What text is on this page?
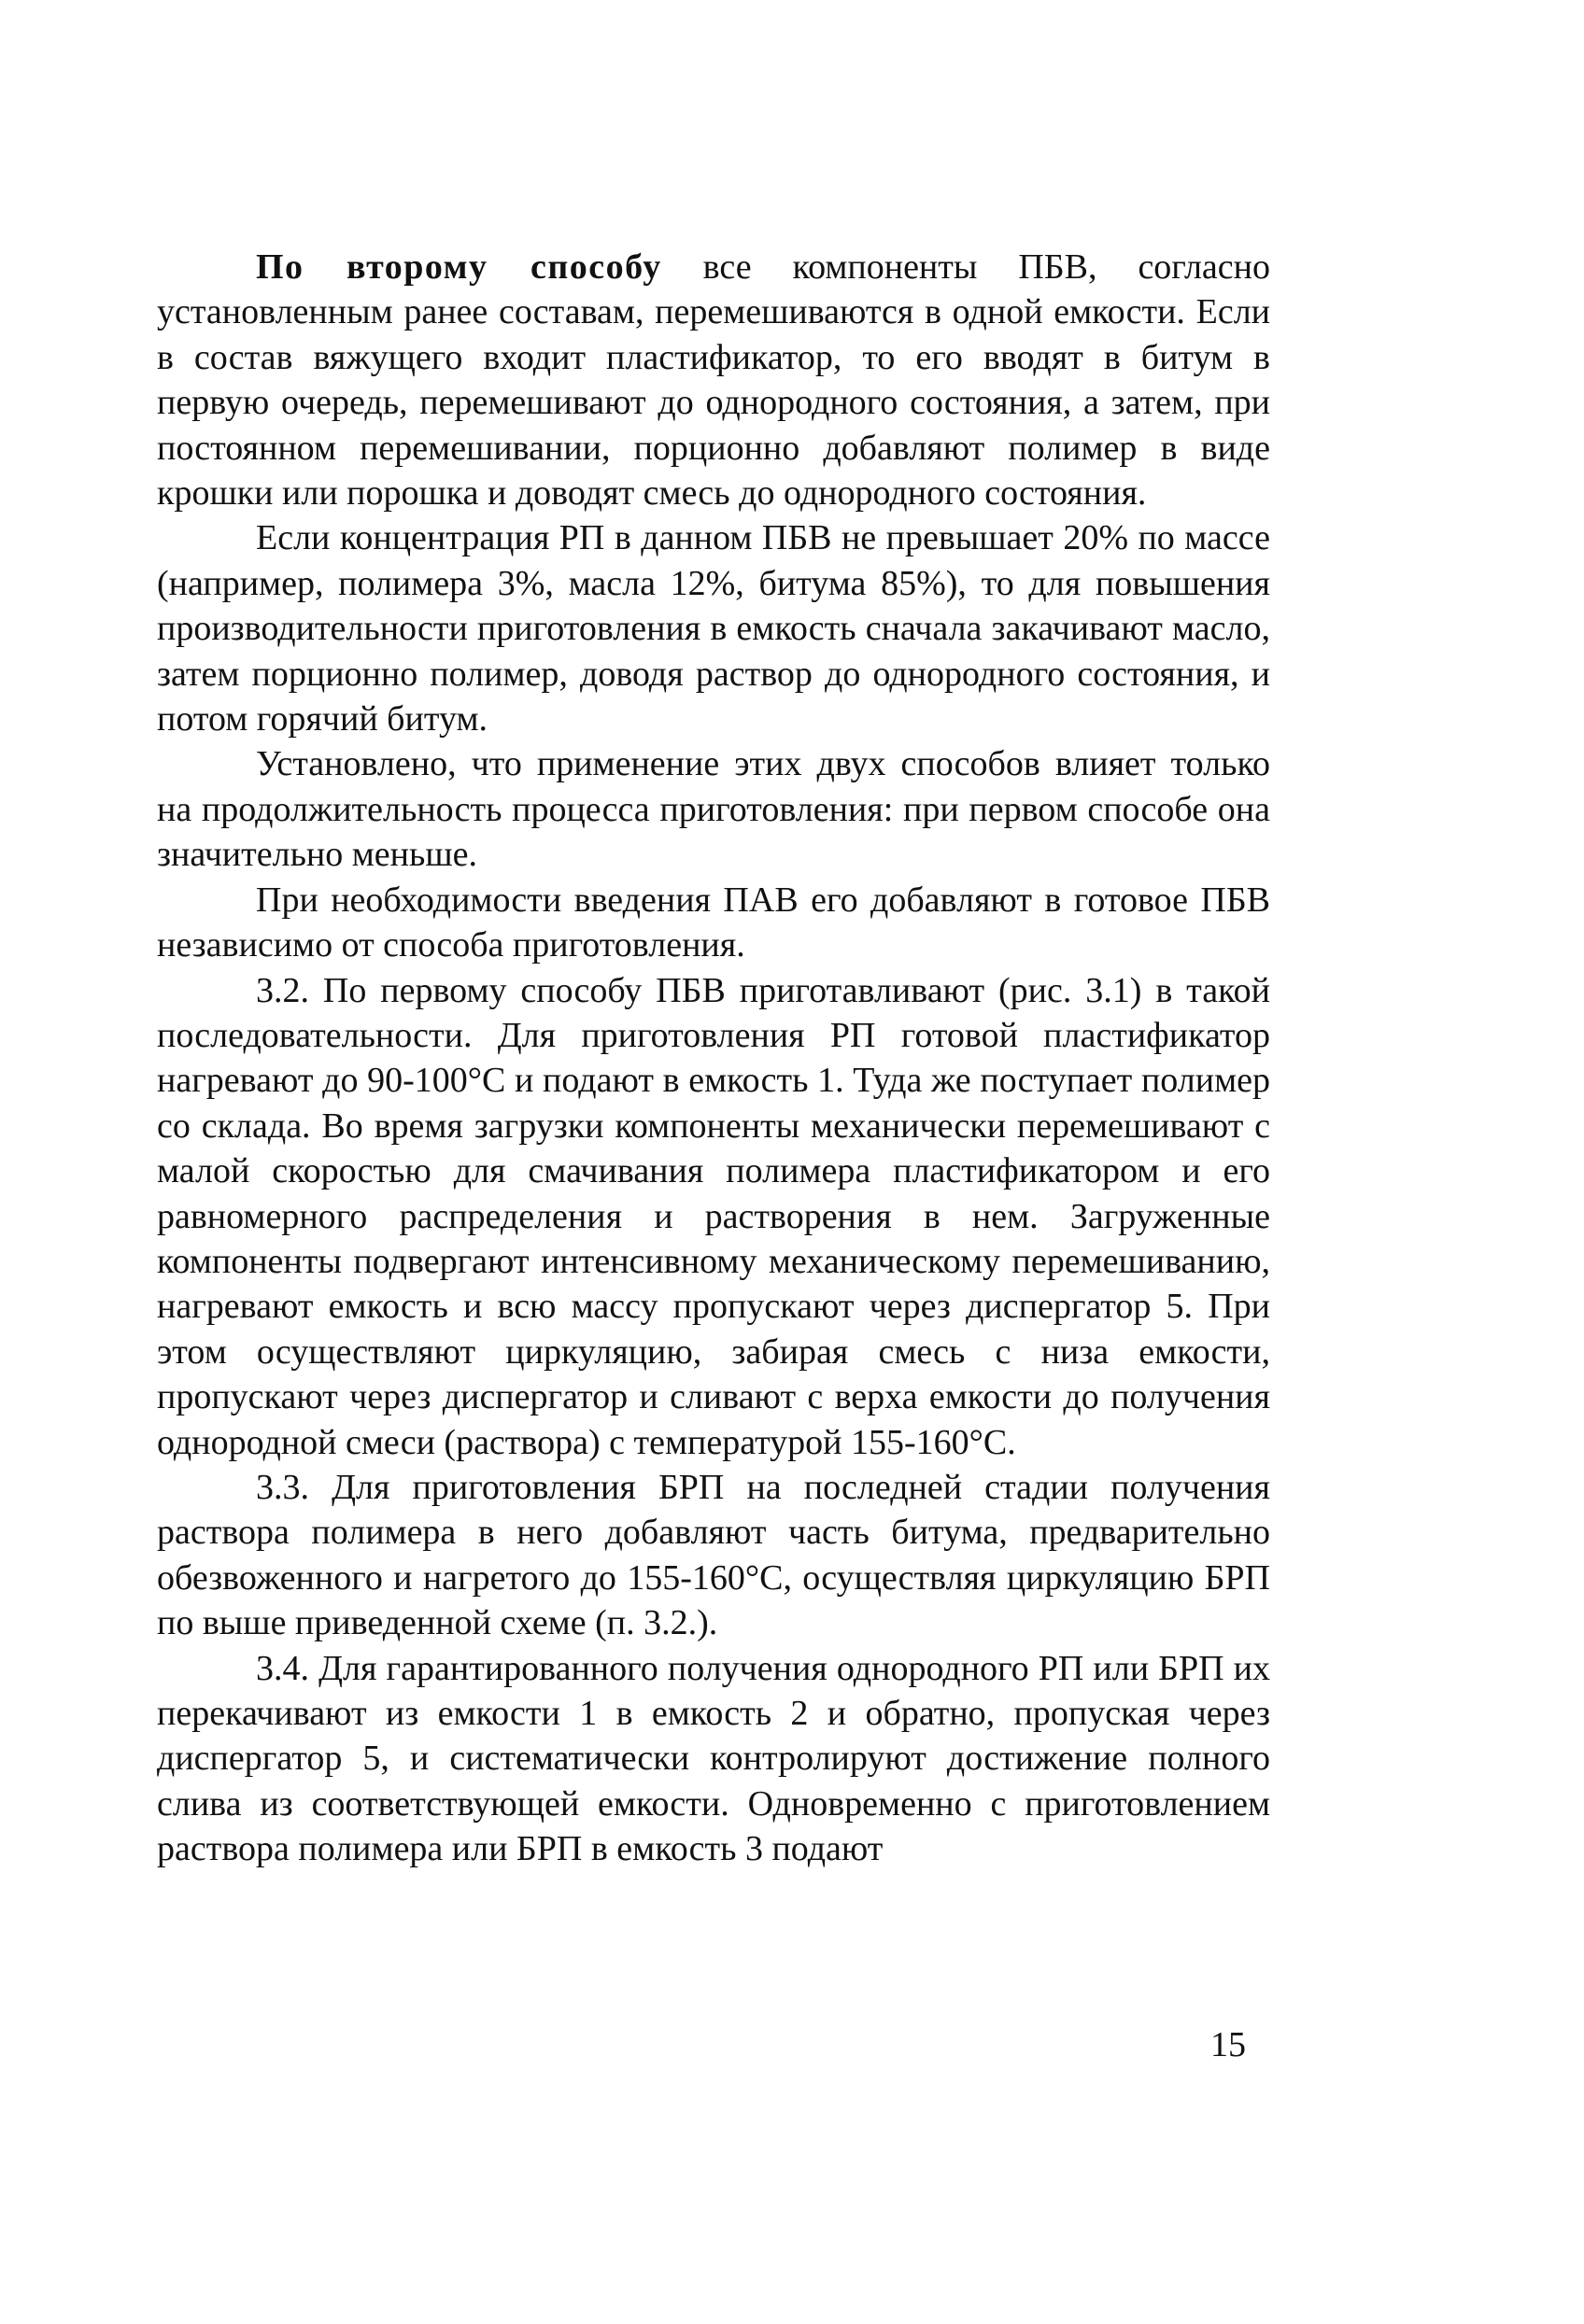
По второму способу все компоненты ПБВ, согласно установленным ранее составам, перемешиваются в одной емкости. Если в состав вяжущего входит пластификатор, то его вводят в битум в первую очередь, перемешивают до однородного состояния, а затем, при постоянном перемешивании, порционно добавляют полимер в виде крошки или порошка и доводят смесь до однородного состояния.

Если концентрация РП в данном ПБВ не превышает 20% по массе (например, полимера 3%, масла 12%, битума 85%), то для повышения производительности приготовления в емкость сначала закачивают масло, затем порционно полимер, доводя раствор до однородного состояния, и потом горячий битум.

Установлено, что применение этих двух способов влияет только на продолжительность процесса приготовления: при первом способе она значительно меньше.

При необходимости введения ПАВ его добавляют в готовое ПБВ независимо от способа приготовления.

3.2. По первому способу ПБВ приготавливают (рис. 3.1) в такой последовательности. Для приготовления РП готовой пластификатор нагревают до 90-100°С и подают в емкость 1. Туда же поступает полимер со склада. Во время загрузки компоненты механически перемешивают с малой скоростью для смачивания полимера пластификатором и его равномерного распределения и растворения в нем. Загруженные компоненты подвергают интенсивному механическому перемешиванию, нагревают емкость и всю массу пропускают через диспергатор 5. При этом осуществляют циркуляцию, забирая смесь с низа емкости, пропускают через диспергатор и сливают с верха емкости до получения однородной смеси (раствора) с температурой 155-160°С.

3.3. Для приготовления БРП на последней стадии получения раствора полимера в него добавляют часть битума, предварительно обезвоженного и нагретого до 155-160°С, осуществляя циркуляцию БРП по выше приведенной схеме (п. 3.2.).

3.4. Для гарантированного получения однородного РП или БРП их перекачивают из емкости 1 в емкость 2 и обратно, пропуская через диспергатор 5, и систематически контролируют достижение полного слива из соответствующей емкости. Одновременно с приготовлением раствора полимера или БРП в емкость 3 подают

15
